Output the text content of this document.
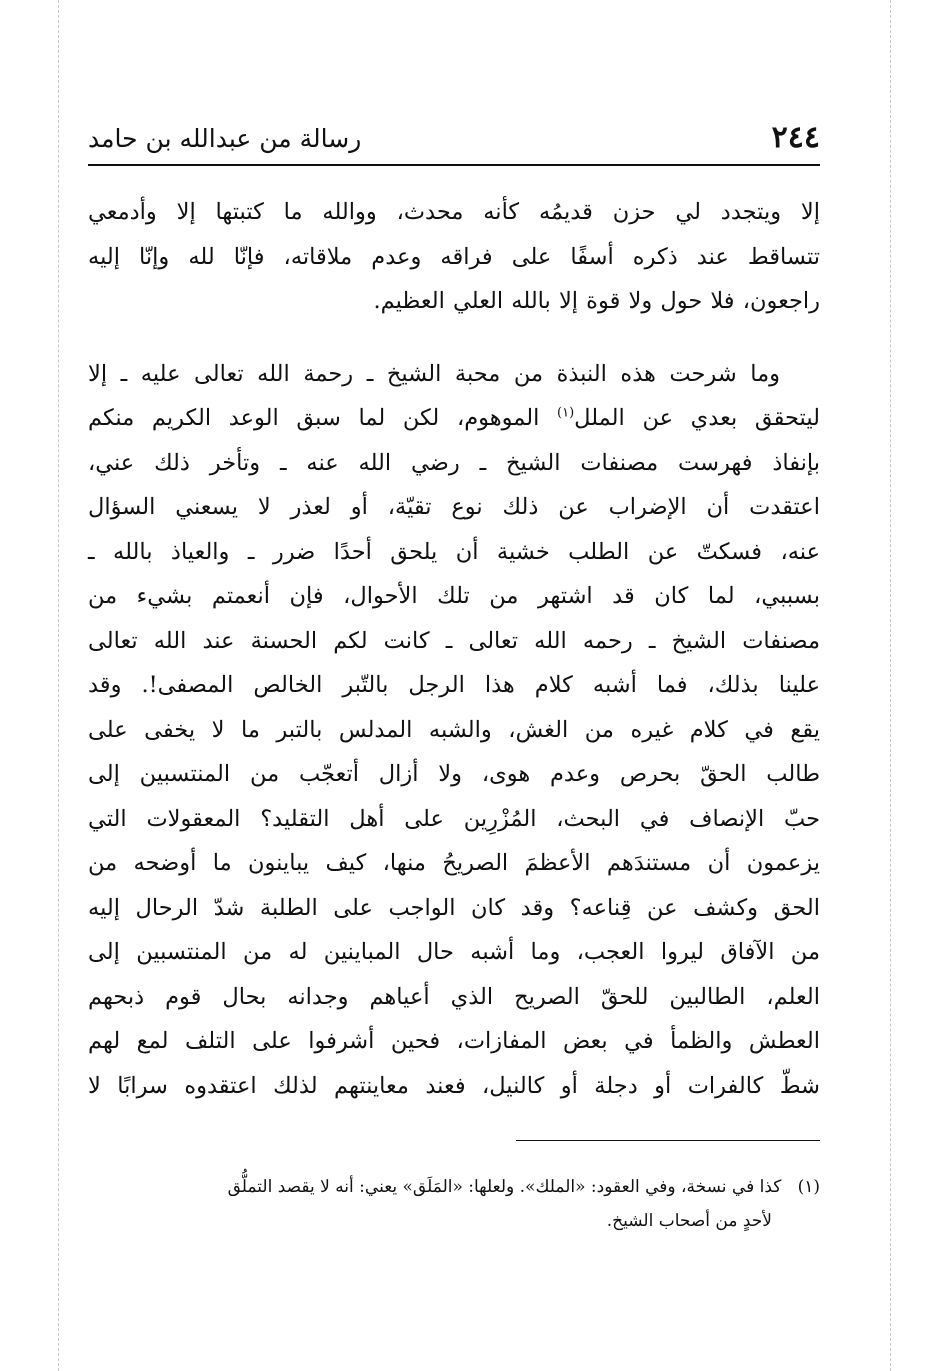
٢٤٤
رسالة من عبدالله بن حامد
إلا ويتجدد لي حزن قديمُه كأنه محدث، ووالله ما كتبتها إلا وأدمعي
تتساقط عند ذكره أسفًا على فراقه وعدم ملاقاته، فإنّا لله وإنّا إليه
راجعون، فلا حول ولا قوة إلا بالله العلي العظيم.
وما شرحت هذه النبذة من محبة الشيخ ـ رحمة الله تعالى عليه ـ إلا
ليتحقق بعدي عن الملل$^{(١)}$ الموهوم، لكن لما سبق الوعد الكريم منكم
بإنفاذ فهرست مصنفات الشيخ ـ رضي الله عنه ـ وتأخر ذلك عني،
اعتقدت أن الإضراب عن ذلك نوع تقيّة، أو لعذر لا يسعني السؤال
عنه، فسكتّ عن الطلب خشية أن يلحق أحدًا ضرر ـ والعياذ بالله ـ
بسببي، لما كان قد اشتهر من تلك الأحوال، فإن أنعمتم بشيء من
مصنفات الشيخ ـ رحمه الله تعالى ـ كانت لكم الحسنة عند الله تعالى
علينا بذلك، فما أشبه كلام هذا الرجل بالتّبر الخالص المصفى!. وقد
يقع في كلام غيره من الغش، والشبه المدلس بالتبر ما لا يخفى على
طالب الحقّ بحرص وعدم هوى، ولا أزال أتعجّب من المنتسبين إلى
حبّ الإنصاف في البحث، المُزْرِين على أهل التقليد؟ المعقولات التي
يزعمون أن مستندَهم الأعظمَ الصريحُ منها، كيف يباينون ما أوضحه من
الحق وكشف عن قِناعه؟ وقد كان الواجب على الطلبة شدّ الرحال إليه
من الآفاق ليروا العجب، وما أشبه حال المباينين له من المنتسبين إلى
العلم، الطالبين للحقّ الصريح الذي أعياهم وجدانه بحال قوم ذبحهم
العطش والظمأ في بعض المفازات، فحين أشرفوا على التلف لمع لهم
شطّ كالفرات أو دجلة أو كالنيل، فعند معاينتهم لذلك اعتقدوه سرابًا لا
(١)   كذا في نسخة، وفي العقود: «الملك». ولعلها: «المَلَق» يعني: أنه لا يقصد التملُّق
لأحدٍ من أصحاب الشيخ.
